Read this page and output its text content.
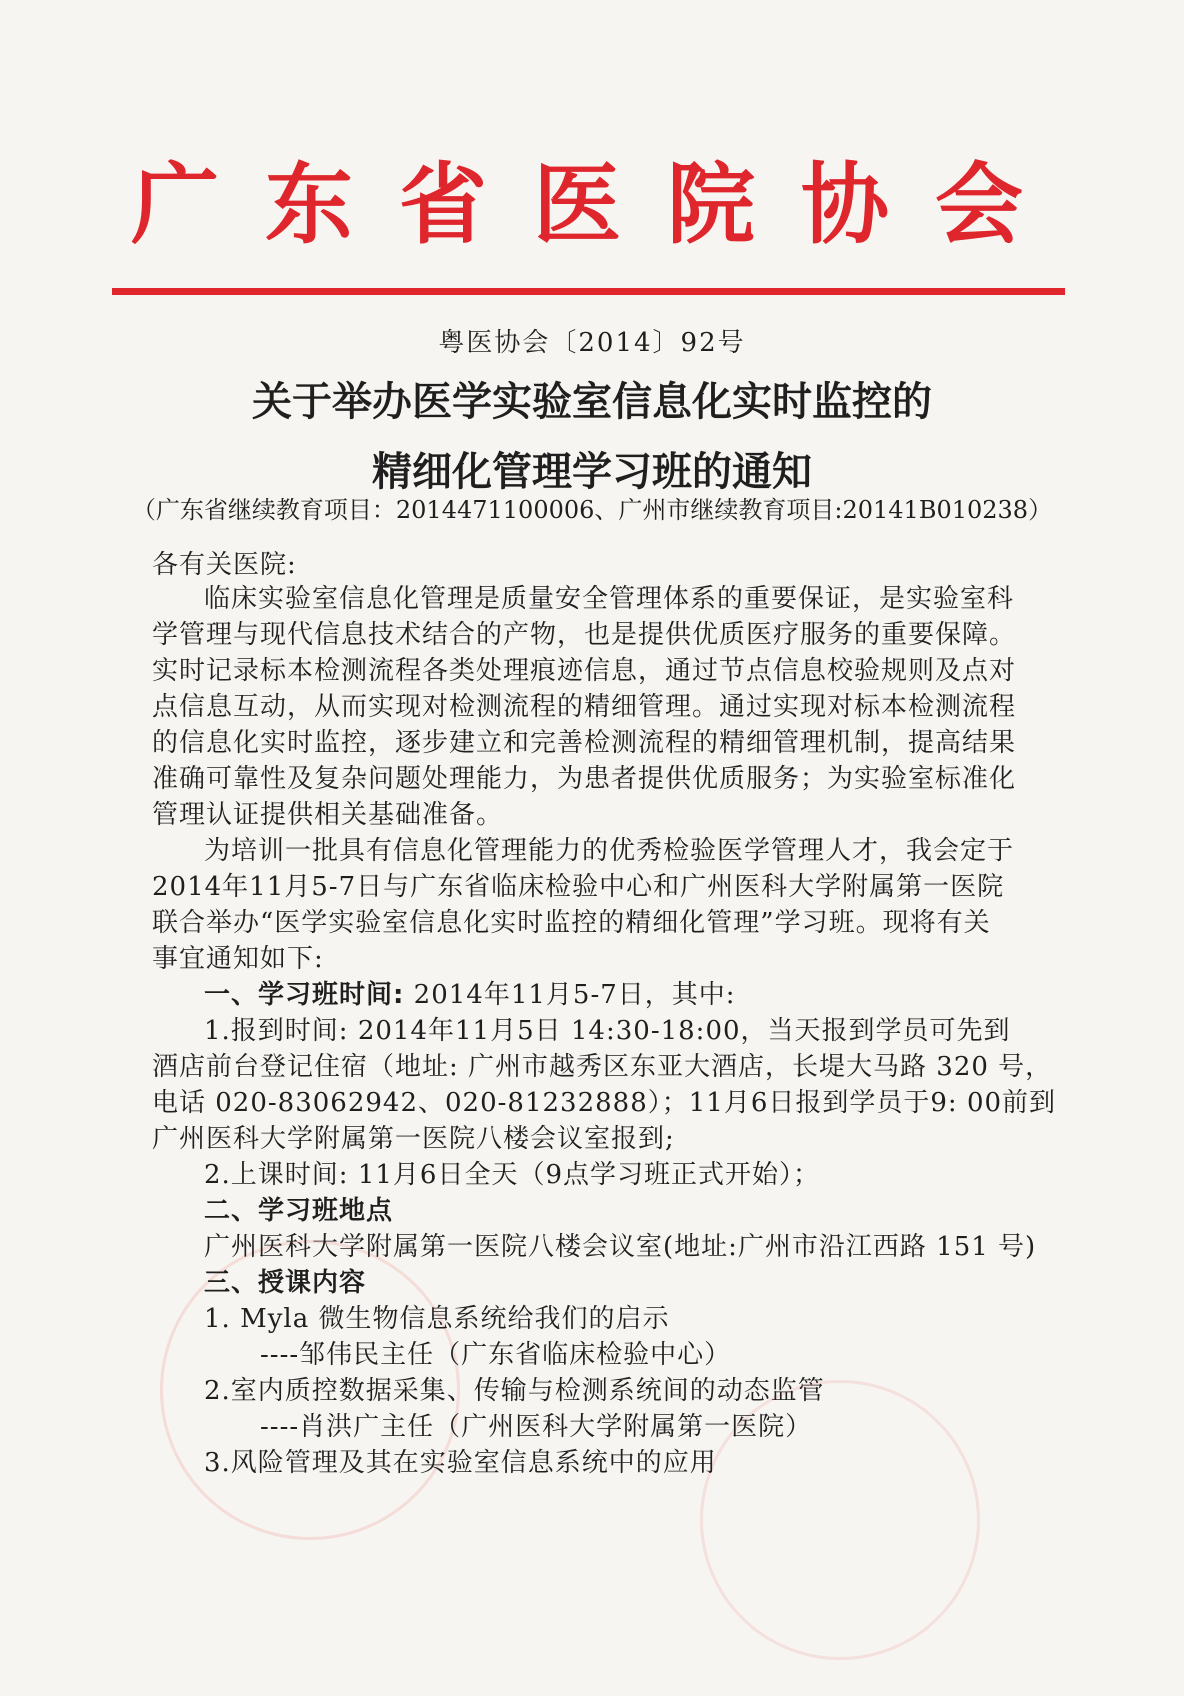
广东省医院协会
粤医协会〔2014〕92号
关于举办医学实验室信息化实时监控的
精细化管理学习班的通知
（广东省继续教育项目：2014471100006、广州市继续教育项目:20141B010238）
各有关医院:
临床实验室信息化管理是质量安全管理体系的重要保证，是实验室科
学管理与现代信息技术结合的产物，也是提供优质医疗服务的重要保障。
实时记录标本检测流程各类处理痕迹信息，通过节点信息校验规则及点对
点信息互动，从而实现对检测流程的精细管理。通过实现对标本检测流程
的信息化实时监控，逐步建立和完善检测流程的精细管理机制，提高结果
准确可靠性及复杂问题处理能力，为患者提供优质服务；为实验室标准化
管理认证提供相关基础准备。
为培训一批具有信息化管理能力的优秀检验医学管理人才，我会定于
2014年11月5-7日与广东省临床检验中心和广州医科大学附属第一医院
联合举办“医学实验室信息化实时监控的精细化管理”学习班。现将有关
事宜通知如下:
一、学习班时间: 2014年11月5-7日，其中:
1.报到时间: 2014年11月5日 14:30-18:00，当天报到学员可先到
酒店前台登记住宿（地址: 广州市越秀区东亚大酒店，长堤大马路 320 号，
电话 020-83062942、020-81232888）；11月6日报到学员于9: 00前到
广州医科大学附属第一医院八楼会议室报到;
2.上课时间: 11月6日全天（9点学习班正式开始）；
二、学习班地点
广州医科大学附属第一医院八楼会议室(地址:广州市沿江西路 151 号)
三、授课内容
1. Myla 微生物信息系统给我们的启示
----邹伟民主任（广东省临床检验中心）
2.室内质控数据采集、传输与检测系统间的动态监管
----肖洪广主任（广州医科大学附属第一医院）
3.风险管理及其在实验室信息系统中的应用
